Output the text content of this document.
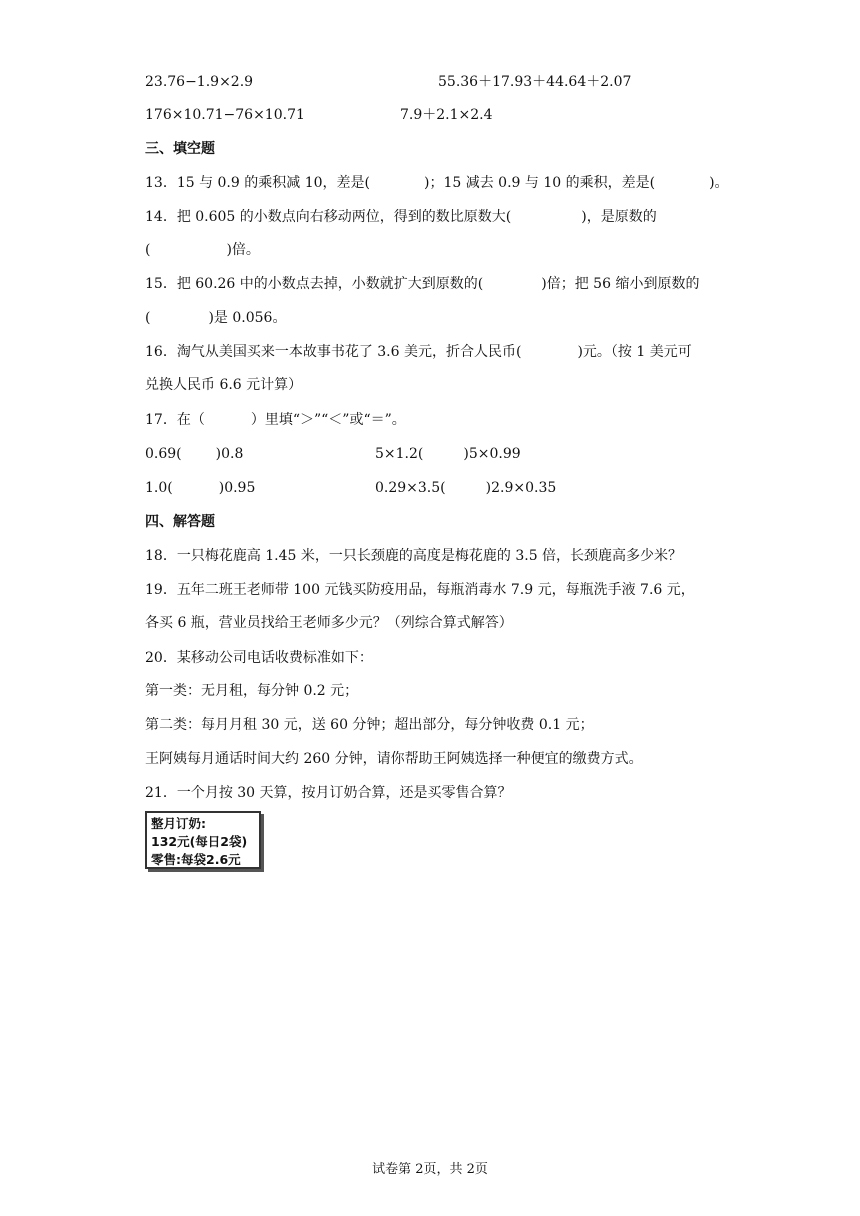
23.76−1.9×2.9	55.36＋17.93＋44.64＋2.07
176×10.71−76×10.71	7.9＋2.1×2.4
三、填空题
13．15 与 0.9 的乘积减 10，差是(	)；15 减去 0.9 与 10 的乘积，差是(	)。
14．把 0.605 的小数点向右移动两位，得到的数比原数大(	)，是原数的
(	)倍。
15．把 60.26 中的小数点去掉，小数就扩大到原数的(	)倍；把 56 缩小到原数的
(	)是 0.056。
16．淘气从美国买来一本故事书花了 3.6 美元，折合人民币(	)元。（按 1 美元可
兑换人民币 6.6 元计算）
17．在（	）里填“＞”“＜”或“＝”。
0.69( )0.8	5×1.2(	)5×0.99
1.0(	)0.95	0.29×3.5(	)2.9×0.35
四、解答题
18．一只梅花鹿高 1.45 米，一只长颈鹿的高度是梅花鹿的 3.5 倍，长颈鹿高多少米？
19．五年二班王老师带 100 元钱买防疫用品，每瓶消毒水 7.9 元，每瓶洗手液 7.6 元，
各买 6 瓶，营业员找给王老师多少元？（列综合算式解答）
20．某移动公司电话收费标准如下：
第一类：无月租，每分钟 0.2 元；
第二类：每月月租 30 元，送 60 分钟；超出部分，每分钟收费 0.1 元；
王阿姨每月通话时间大约 260 分钟，请你帮助王阿姨选择一种便宜的缴费方式。
21．一个月按 30 天算，按月订奶合算，还是买零售合算？
整月订奶:
132元(每日2袋)
零售:每袋2.6元
试卷第 2页，共 2页
